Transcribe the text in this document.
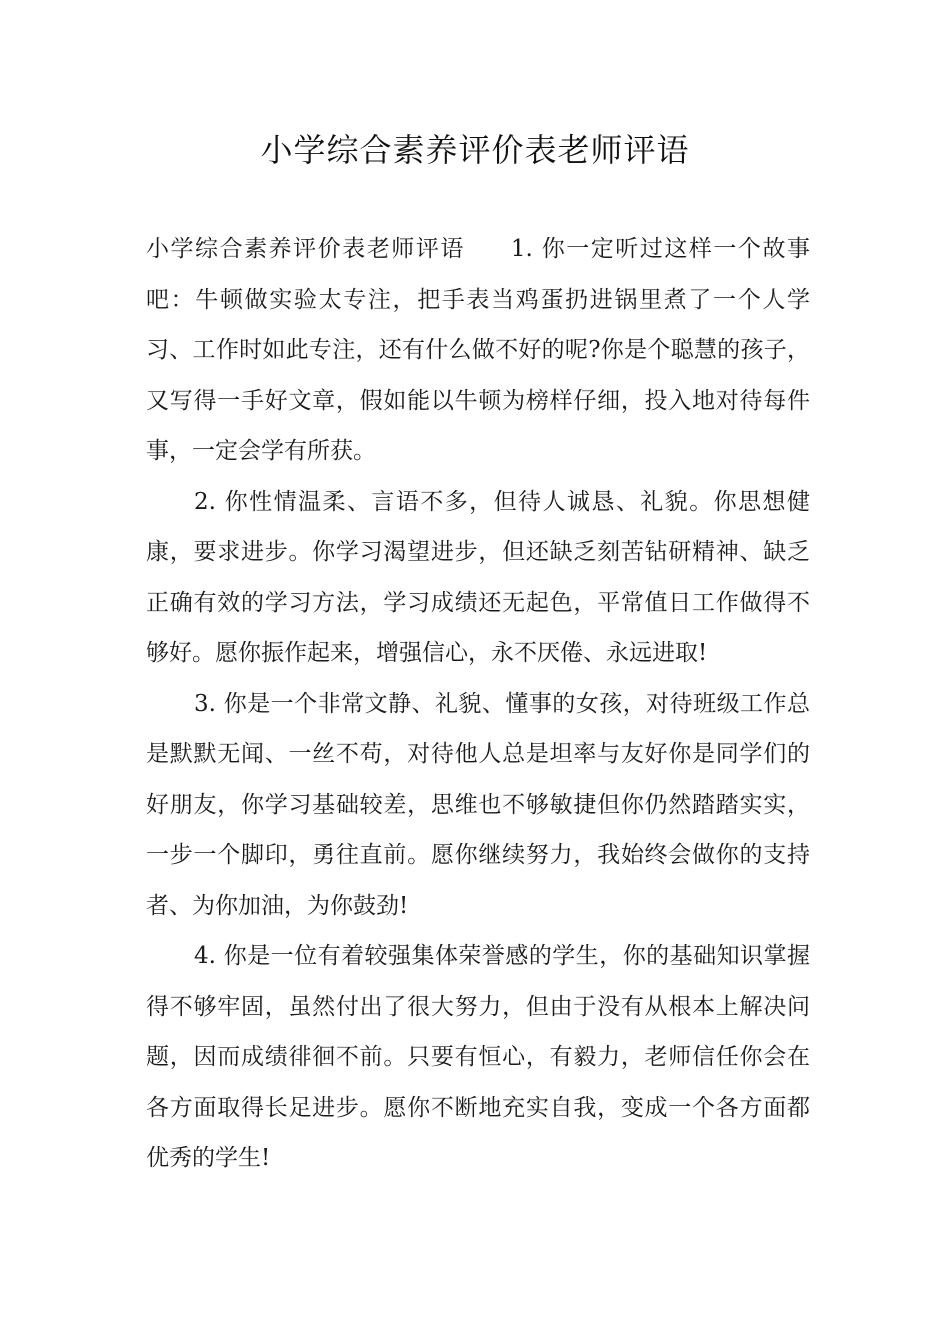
小学综合素养评价表老师评语

小学综合素养评价表老师评语 1. 你一定听过这样一个故事吧：牛顿做实验太专注，把手表当鸡蛋扔进锅里煮了一个人学习、工作时如此专注，还有什么做不好的呢?你是个聪慧的孩子，又写得一手好文章，假如能以牛顿为榜样仔细，投入地对待每件事，一定会学有所获。

2. 你性情温柔、言语不多，但待人诚恳、礼貌。你思想健康，要求进步。你学习渴望进步，但还缺乏刻苦钻研精神、缺乏正确有效的学习方法，学习成绩还无起色，平常值日工作做得不够好。愿你振作起来，增强信心，永不厌倦、永远进取!

3. 你是一个非常文静、礼貌、懂事的女孩，对待班级工作总是默默无闻、一丝不苟，对待他人总是坦率与友好你是同学们的好朋友，你学习基础较差，思维也不够敏捷但你仍然踏踏实实，一步一个脚印，勇往直前。愿你继续努力，我始终会做你的支持者、为你加油，为你鼓劲!

4. 你是一位有着较强集体荣誉感的学生，你的基础知识掌握得不够牢固，虽然付出了很大努力，但由于没有从根本上解决问题，因而成绩徘徊不前。只要有恒心，有毅力，老师信任你会在各方面取得长足进步。愿你不断地充实自我，变成一个各方面都优秀的学生!
